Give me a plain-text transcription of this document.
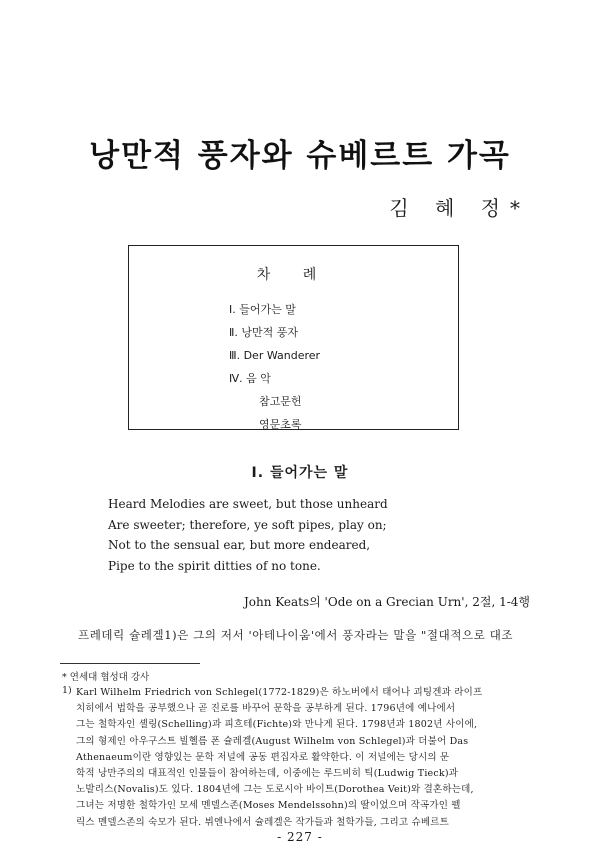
낭만적 풍자와 슈베르트 가곡
김 혜 정*
차 례
Ⅰ. 들어가는 말
Ⅱ. 낭만적 풍자
Ⅲ. Der Wanderer
Ⅳ. 음 악
참고문헌
영문초록
Ⅰ. 들어가는 말
Heard Melodies are sweet, but those unheard
Are sweeter; therefore, ye soft pipes, play on;
Not to the sensual ear, but more endeared,
Pipe to the spirit ditties of no tone.
John Keats의 'Ode on a Grecian Urn', 2절, 1-4행
프레데릭 슐레겔1)은 그의 저서 '아테나이움'에서 풍자라는 말을 "절대적으로 대조
* 연세대 협성대 강사
1) Karl Wilhelm Friedrich von Schlegel(1772-1829)은 하노버에서 태어나 괴팅겐과 라이프
치히에서 법학을 공부했으나 곧 진로를 바꾸어 문학을 공부하게 된다. 1796년에 예나에서
그는 철학자인 셸링(Schelling)과 피흐테(Fichte)와 만나게 된다. 1798년과 1802년 사이에,
그의 형제인 아우구스트 빌헬름 폰 슐레겔(August Wilhelm von Schlegel)과 더불어 Das
Athenaeum이란 영향있는 문학 저널에 공동 편집자로 활약한다. 이 저널에는 당시의 문
학적 낭만주의의 대표적인 인물들이 참여하는데, 이중에는 루드비히 틱(Ludwig Tieck)과
노발리스(Novalis)도 있다. 1804년에 그는 도로시아 바이트(Dorothea Veit)와 결혼하는데,
그녀는 저명한 철학가인 모세 멘델스존(Moses Mendelssohn)의 딸이었으며 작곡가인 펠
릭스 멘델스존의 숙모가 된다. 뷔엔나에서 슐레겔은 작가들과 철학가들, 그리고 슈베르트
- 227 -
